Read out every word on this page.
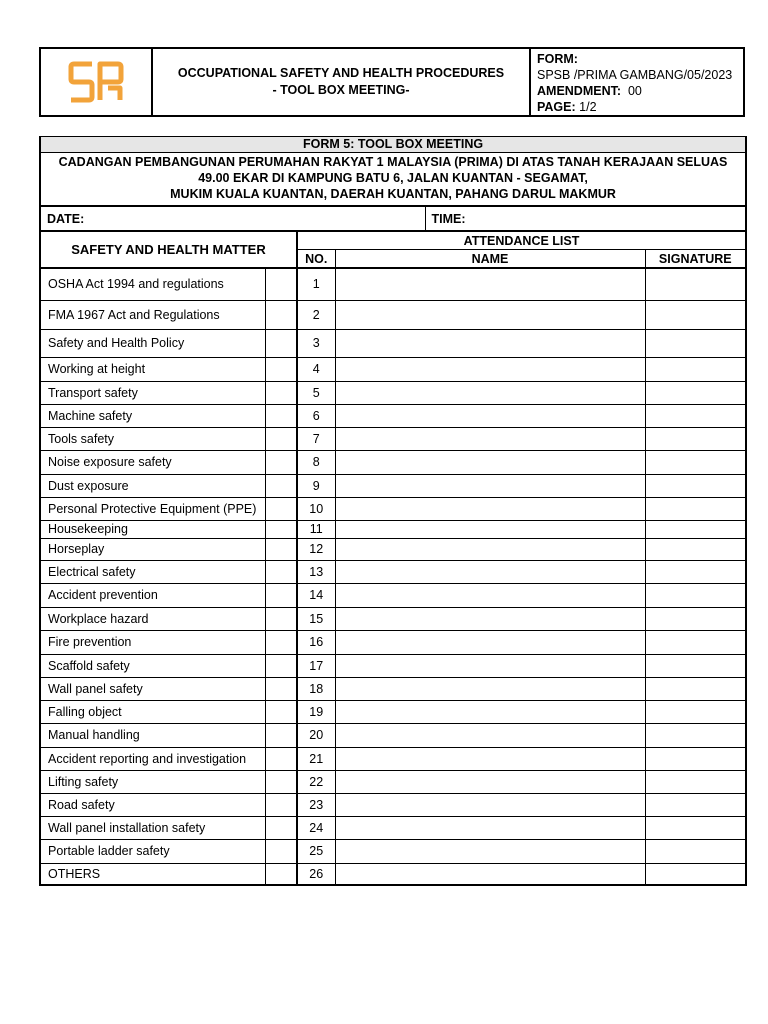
OCCUPATIONAL SAFETY AND HEALTH PROCEDURES
- TOOL BOX MEETING-
FORM:
SPSB /PRIMA GAMBANG/05/2023
AMENDMENT: 00
PAGE: 1/2
FORM 5: TOOL BOX MEETING					

CADANGAN PEMBANGUNAN PERUMAHAN RAKYAT 1 MALAYSIA (PRIMA) DI ATAS TANAH KERAJAAN SELUAS
49.00 EKAR DI KAMPUNG BATU 6, JALAN KUANTAN - SEGAMAT,
MUKIM KUALA KUANTAN, DAERAH KUANTAN, PAHANG DARUL MAKMUR					

DATE:				TIME:	
SAFETY AND HEALTH MATTER		ATTENDANCE LIST			
		NO.	NAME		SIGNATURE
OSHA Act 1994 and regulations		1			
FMA 1967 Act and Regulations		2			
Safety and Health Policy		3			
Working at height		4			
Transport safety		5			
Machine safety		6			
Tools safety		7			
Noise exposure safety		8			
Dust exposure		9			
Personal Protective Equipment (PPE)		10			
Housekeeping		11			
Horseplay		12			
Electrical safety		13			
Accident prevention		14			
Workplace hazard		15			
Fire prevention		16			
Scaffold safety		17			
Wall panel safety		18			
Falling object		19			
Manual handling		20			
Accident reporting and investigation		21			
Lifting safety		22			
Road safety		23			
Wall panel installation safety		24			
Portable ladder safety		25			
OTHERS		26			
